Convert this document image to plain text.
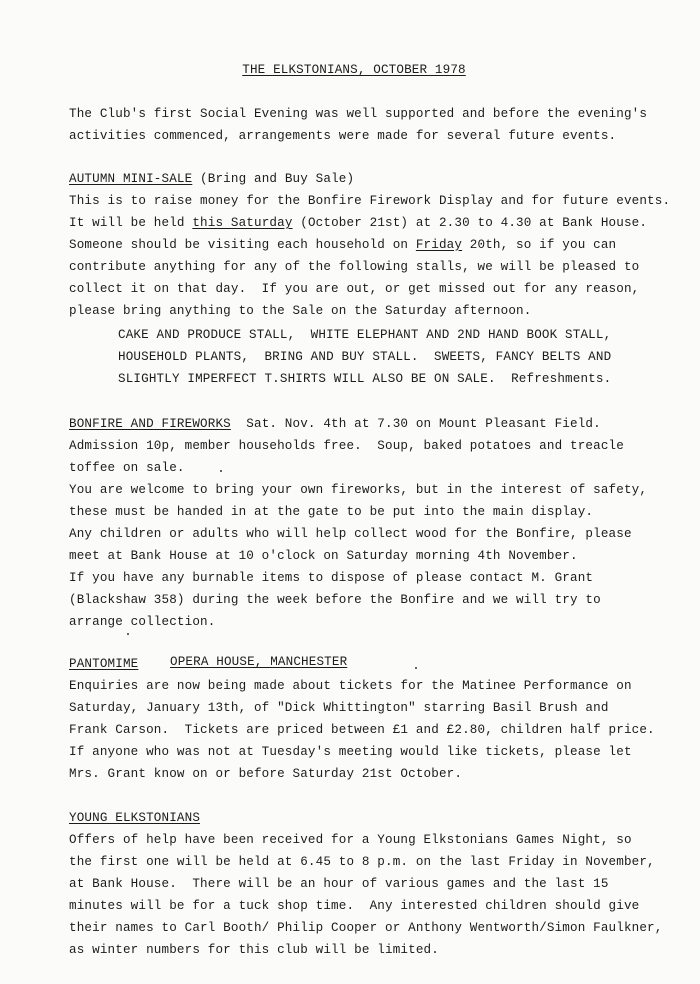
THE ELKSTONIANS, OCTOBER 1978
The Club's first Social Evening was well supported and before the evening's
activities commenced, arrangements were made for several future events.
AUTUMN MINI-SALE (Bring and Buy Sale)
This is to raise money for the Bonfire Firework Display and for future events.
It will be held this Saturday (October 21st) at 2.30 to 4.30 at Bank House.
Someone should be visiting each household on Friday 20th, so if you can
contribute anything for any of the following stalls, we will be pleased to
collect it on that day.  If you are out, or get missed out for any reason,
please bring anything to the Sale on the Saturday afternoon.
CAKE AND PRODUCE STALL,  WHITE ELEPHANT AND 2ND HAND BOOK STALL,
HOUSEHOLD PLANTS,  BRING AND BUY STALL.  SWEETS, FANCY BELTS AND
SLIGHTLY IMPERFECT T.SHIRTS WILL ALSO BE ON SALE.  Refreshments.
BONFIRE AND FIREWORKS  Sat. Nov. 4th at 7.30 on Mount Pleasant Field.
Admission 10p, member households free.  Soup, baked potatoes and treacle
toffee on sale.
You are welcome to bring your own fireworks, but in the interest of safety,
these must be handed in at the gate to be put into the main display.
Any children or adults who will help collect wood for the Bonfire, please
meet at Bank House at 10 o'clock on Saturday morning 4th November.
If you have any burnable items to dispose of please contact M. Grant
(Blackshaw 358) during the week before the Bonfire and we will try to
arrange collection.
PANTOMIME	OPERA HOUSE, MANCHESTER
Enquiries are now being made about tickets for the Matinee Performance on
Saturday, January 13th, of "Dick Whittington" starring Basil Brush and
Frank Carson.  Tickets are priced between £1 and £2.80, children half price.
If anyone who was not at Tuesday's meeting would like tickets, please let
Mrs. Grant know on or before Saturday 21st October.
YOUNG ELKSTONIANS
Offers of help have been received for a Young Elkstonians Games Night, so
the first one will be held at 6.45 to 8 p.m. on the last Friday in November,
at Bank House.  There will be an hour of various games and the last 15
minutes will be for a tuck shop time.  Any interested children should give
their names to Carl Booth/ Philip Cooper or Anthony Wentworth/Simon Faulkner,
as winter numbers for this club will be limited.
